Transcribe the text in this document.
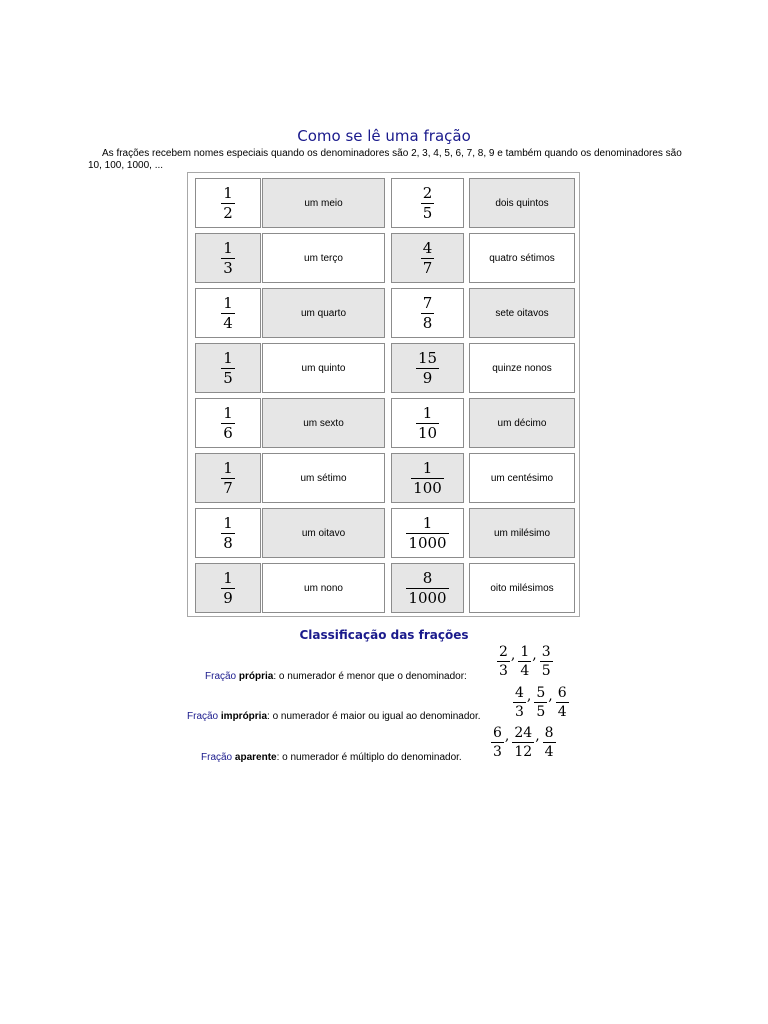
Como se lê uma fração
As frações recebem nomes especiais quando os denominadores são 2, 3, 4, 5, 6, 7, 8, 9 e também quando os denominadores são 10, 100, 1000, ...
$\frac{1}{2}$	um meio	$\frac{2}{5}$	dois quintos
$\frac{1}{3}$	um terço	$\frac{4}{7}$	quatro sétimos
$\frac{1}{4}$	um quarto	$\frac{7}{8}$	sete oitavos
$\frac{1}{5}$	um quinto	$\frac{15}{9}$	quinze nonos
$\frac{1}{6}$	um sexto	$\frac{1}{10}$	um décimo
$\frac{1}{7}$	um sétimo	$\frac{1}{100}$	um centésimo
$\frac{1}{8}$	um oitavo	$\frac{1}{1000}$	um milésimo
$\frac{1}{9}$	um nono	$\frac{8}{1000}$	oito milésimos
Classificação das frações
Fração própria: o numerador é menor que o denominador: $\frac{2}{3}$ , $\frac{1}{4}$ , $\frac{3}{5}$
Fração imprópria: o numerador é maior ou igual ao denominador. $\frac{4}{3}$ , $\frac{5}{5}$ , $\frac{6}{4}$
Fração aparente: o numerador é múltiplo do denominador. $\frac{6}{3}$ , $\frac{24}{12}$ , $\frac{8}{4}$
